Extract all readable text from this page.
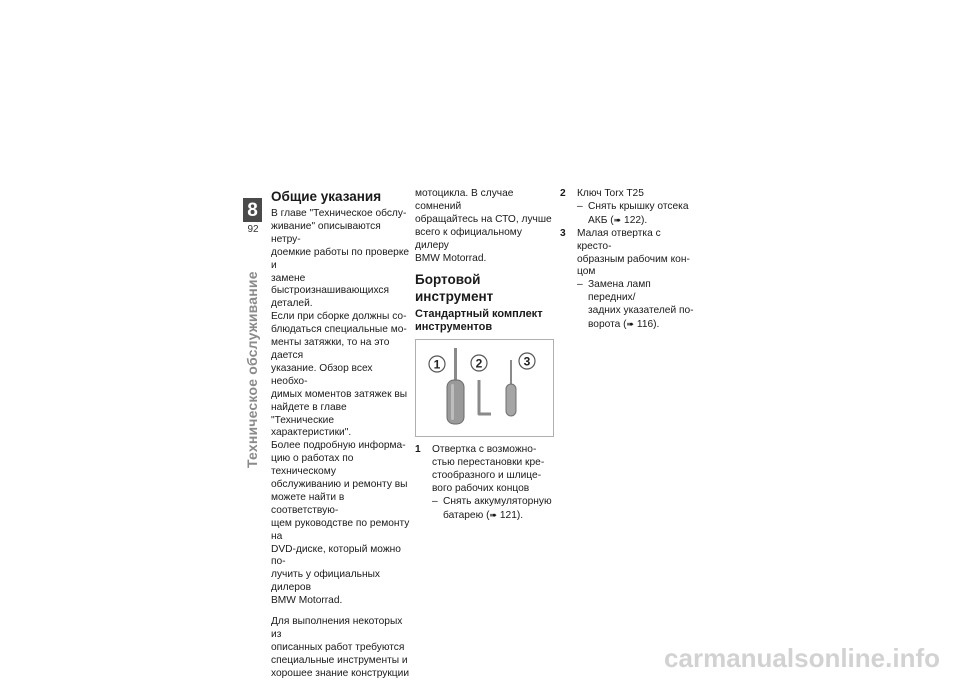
8
92
Техническое обслуживание
Общие указания

В главе "Техническое обслу-

живание" описываются нетру-

доемкие работы по проверке и

замене быстроизнашивающихся

деталей.

Если при сборке должны со-

блюдаться специальные мо-

менты затяжки, то на это дается

указание. Обзор всех необхо-

димых моментов затяжек вы

найдете в главе "Технические

характеристики".

Более подробную информа-

цию о работах по техническому

обслуживанию и ремонту вы

можете найти в соответствую-

щем руководстве по ремонту на

DVD-диске, который можно по-

лучить у официальных дилеров

BMW Motorrad.

Для выполнения некоторых из

описанных работ требуются

специальные инструменты и

хорошее знание конструкции

мотоцикла. В случае сомнений

обращайтесь на СТО, лучше

всего к официальному дилеру

BMW Motorrad.

Бортовой инструмент
Стандартный комплект
инструментов
1	2	3
1	Отвертка с возможно-

стью перестановки кре-

стообразного и шлице-

вого рабочих концов

– Снять аккумуляторную

батарею (➠ 121).

2	Ключ Torx T25

– Снять крышку отсека

АКБ (➠ 122).

3	Малая отвертка с кресто-

образным рабочим кон-

цом

– Замена ламп передних/

задних указателей по-

ворота (➠ 116).

carmanualsonline.info
